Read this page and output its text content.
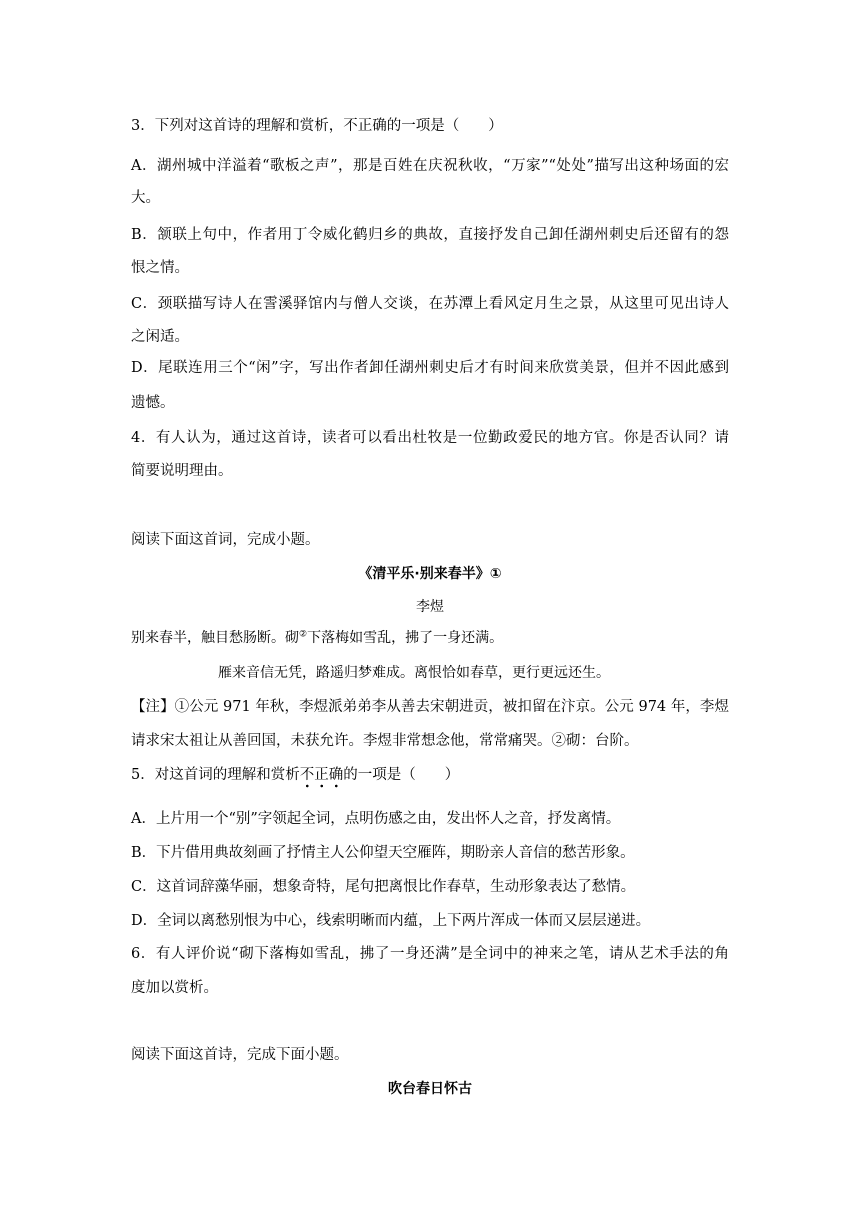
3．下列对这首诗的理解和赏析，不正确的一项是（　　）
A．湖州城中洋溢着“歌板之声”，那是百姓在庆祝秋收，“万家”“处处”描写出这种场面的宏
大。
B．颔联上句中，作者用丁令威化鹤归乡的典故，直接抒发自己卸任湖州刺史后还留有的怨
恨之情。
C．颈联描写诗人在霅溪驿馆内与僧人交谈，在苏潭上看风定月生之景，从这里可见出诗人
之闲适。
D．尾联连用三个“闲”字，写出作者卸任湖州刺史后才有时间来欣赏美景，但并不因此感到
遗憾。
4．有人认为，通过这首诗，读者可以看出杜牧是一位勤政爱民的地方官。你是否认同？请
简要说明理由。
阅读下面这首词，完成小题。
《清平乐·别来春半》①
李煜
别来春半，触目愁肠断。砌②下落梅如雪乱，拂了一身还满。
雁来音信无凭，路遥归梦难成。离恨恰如春草，更行更远还生。
【注】①公元 971 年秋，李煜派弟弟李从善去宋朝进贡，被扣留在汴京。公元 974 年，李煜
请求宋太祖让从善回国，未获允许。李煜非常想念他，常常痛哭。②砌：台阶。
5．对这首词的理解和赏析不正确的一项是（　　）
A．上片用一个“别”字领起全词，点明伤感之由，发出怀人之音，抒发离情。
B．下片借用典故刻画了抒情主人公仰望天空雁阵，期盼亲人音信的愁苦形象。
C．这首词辞藻华丽，想象奇特，尾句把离恨比作春草，生动形象表达了愁情。
D．全词以离愁别恨为中心，线索明晰而内蕴，上下两片浑成一体而又层层递进。
6．有人评价说“砌下落梅如雪乱，拂了一身还满”是全词中的神来之笔，请从艺术手法的角
度加以赏析。
阅读下面这首诗，完成下面小题。
吹台春日怀古
